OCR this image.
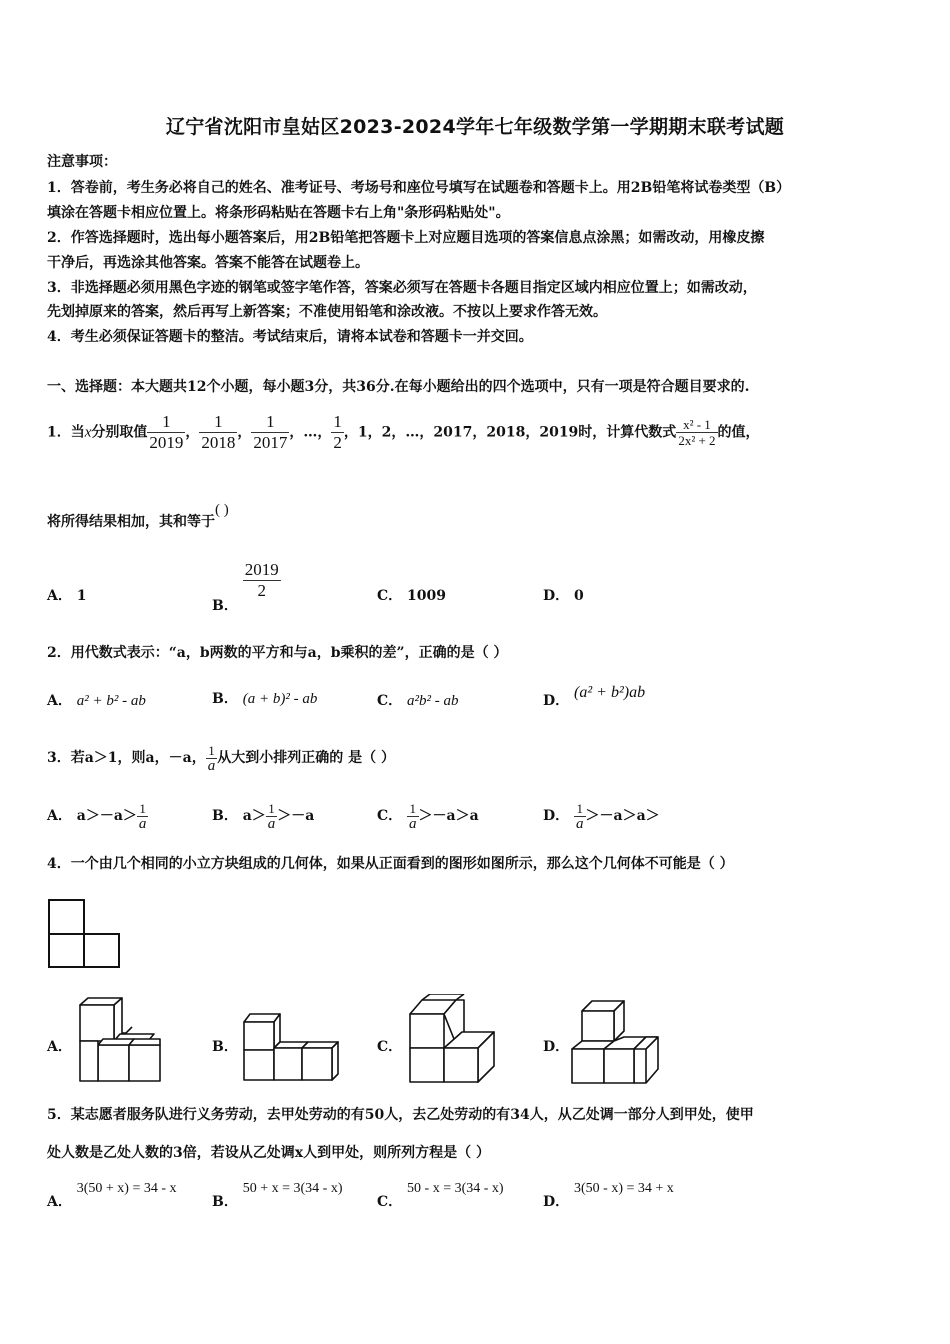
辽宁省沈阳市皇姑区2023-2024学年七年级数学第一学期期末联考试题
注意事项：
1．答卷前，考生务必将自己的姓名、准考证号、考场号和座位号填写在试题卷和答题卡上。用2B铅笔将试卷类型（B）
填涂在答题卡相应位置上。将条形码粘贴在答题卡右上角"条形码粘贴处"。
2．作答选择题时，选出每小题答案后，用2B铅笔把答题卡上对应题目选项的答案信息点涂黑；如需改动，用橡皮擦
干净后，再选涂其他答案。答案不能答在试题卷上。
3．非选择题必须用黑色字迹的钢笔或签字笔作答，答案必须写在答题卡各题目指定区域内相应位置上；如需改动，
先划掉原来的答案，然后再写上新答案；不准使用铅笔和涂改液。不按以上要求作答无效。
4．考生必须保证答题卡的整洁。考试结束后，请将本试卷和答题卡一并交回。
一、选择题：本大题共12个小题，每小题3分，共36分.在每小题给出的四个选项中，只有一项是符合题目要求的.
1．当x分别取值 $\frac{1}{2019}$ ， $\frac{1}{2018}$ ， $\frac{1}{2017}$ ，…， $\frac{1}{2}$ ，1，2，…，2017，2018，2019时，计算代数式 $\frac{\text{x² - 1}}{\text{2x² + 2}}$ 的值，
将所得结果相加，其和等于( )
A． 1
B．
$\frac{2019}{2}$	C． 1009	D． 0
2．用代数式表示：“a，b两数的平方和与a，b乘积的差”，正确的是（ ）
A． a² + b² - ab	B． (a + b)² - ab	C． a²b² - ab	D． (a² + b²)ab
3．若a＞1，则a，－a， $\frac{1}{a}$ 从大到小排列正确的 是（ ）
A． $a>-a> \frac{1}{a}$	B． $a> \frac{1}{a} >-a$	C． $\frac{1}{a} >-a>a$	D． $\frac{1}{a} >-a>a>$
4．一个由几个相同的小立方块组成的几何体，如果从正面看到的图形如图所示，那么这个几何体不可能是（ ）
A．	B．	C．	D．
5．某志愿者服务队进行义务劳动，去甲处劳动的有50人，去乙处劳动的有34人，从乙处调一部分人到甲处，使甲
处人数是乙处人数的3倍，若设从乙处调x人到甲处，则所列方程是（ ）
A． 3(50 + x) = 34 - x
B． 50 + x = 3(34 - x)
C． 50 - x = 3(34 - x)
D． 3(50 - x) = 34 + x
